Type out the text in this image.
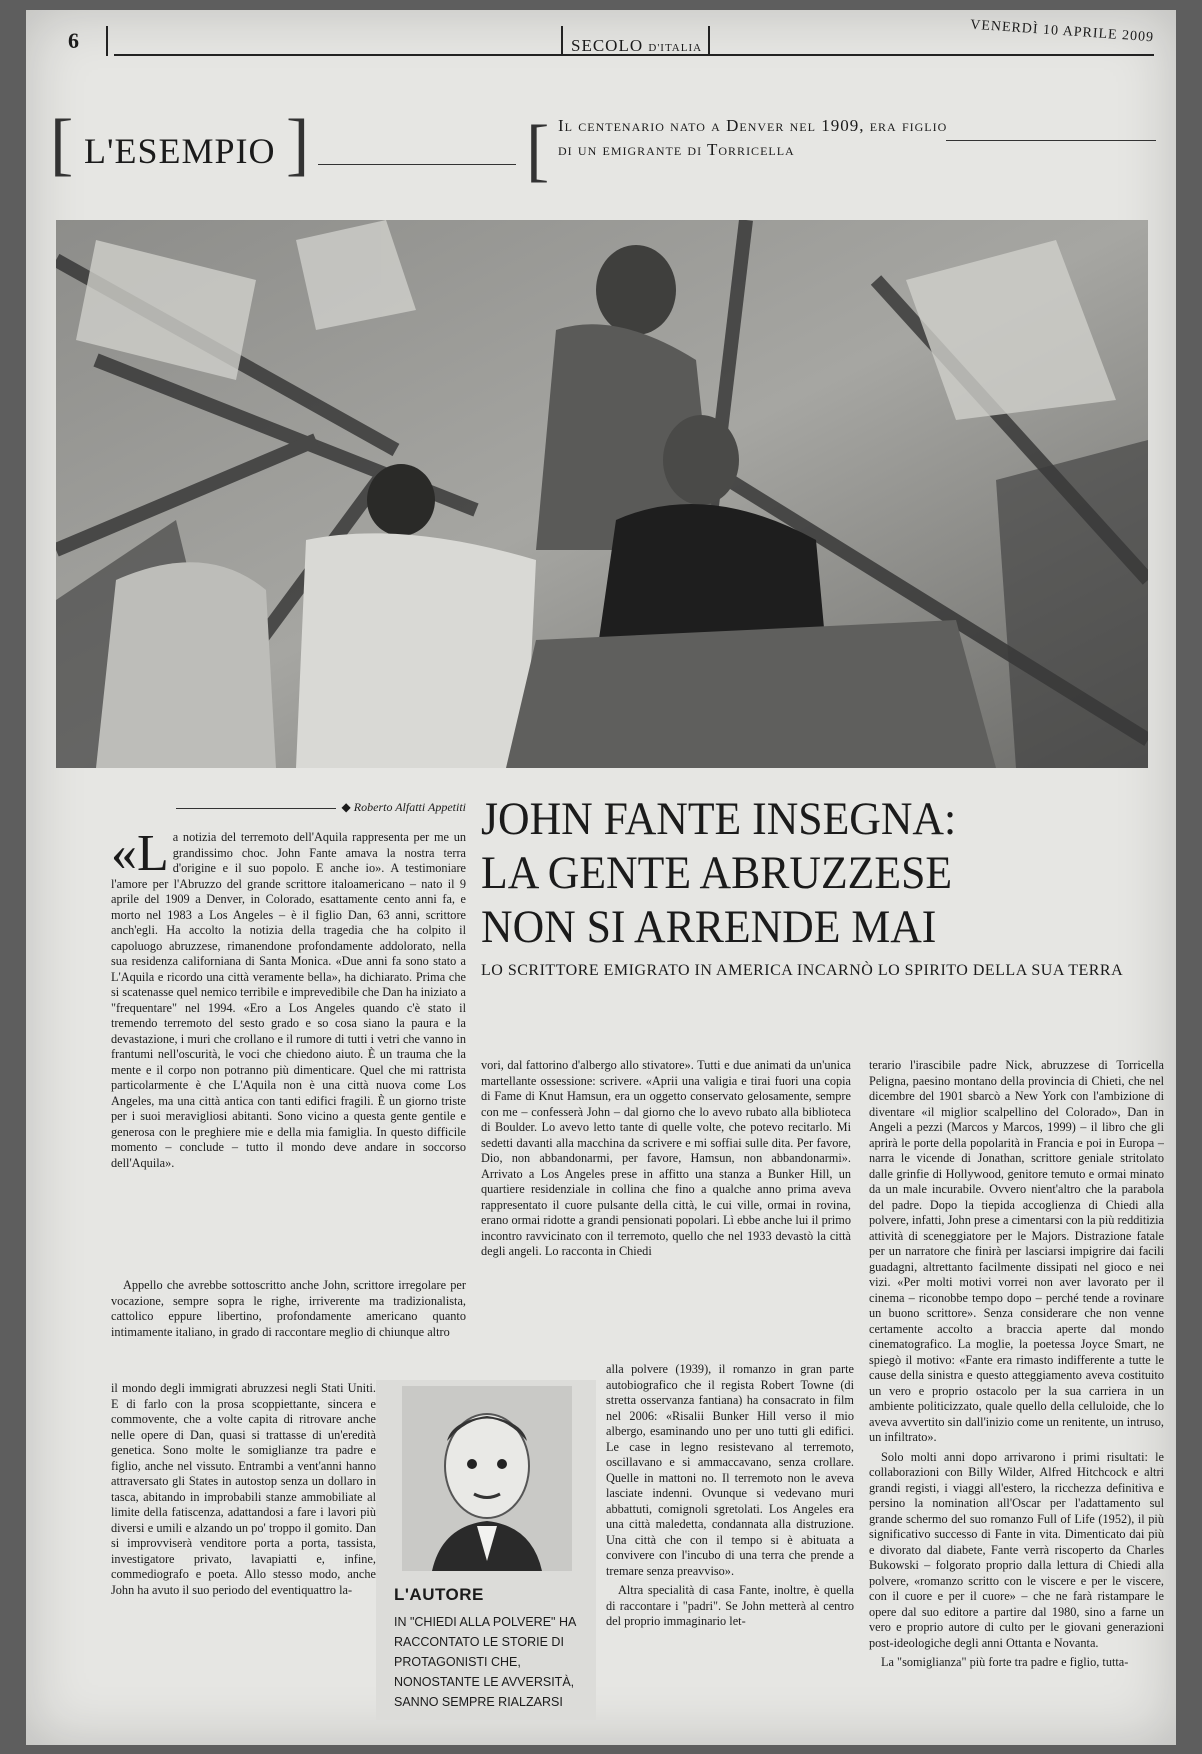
6	SECOLO D'ITALIA
VENERDÌ 10 APRILE 2009
[ L'ESEMPIO ]	[ Il centenario nato a Denver nel 1909, era figlio di un emigrante di Torricella
◆ Roberto Alfatti Appetiti JOHN FANTE INSEGNA:
LA GENTE ABRUZZESE
NON SI ARRENDE MAI
LO SCRITTORE EMIGRATO IN AMERICA INCARNÒ LO SPIRITO DELLA SUA TERRA
«L a notizia del terremoto dell'Aquila rappresenta per me un grandissimo choc. John Fante amava la nostra terra d'origine e il suo popolo. E anche io». A testimoniare l'amore per l'Abruzzo del grande scrittore italoamericano – nato il 9 aprile del 1909 a Denver, in Colorado, esattamente cento anni fa, e morto nel 1983 a Los Angeles – è il figlio Dan, 63 anni, scrittore anch'egli. Ha accolto la notizia della tragedia che ha colpito il capoluogo abruzzese, rimanendone profondamente addolorato, nella sua residenza californiana di Santa Monica. «Due anni fa sono stato a L'Aquila e ricordo una città veramente bella», ha dichiarato. Prima che si scatenasse quel nemico terribile e imprevedibile che Dan ha iniziato a "frequentare" nel 1994. «Ero a Los Angeles quando c'è stato il tremendo terremoto del sesto grado e so cosa siano la paura e la devastazione, i muri che crollano e il rumore di tutti i vetri che vanno in frantumi nell'oscurità, le voci che chiedono aiuto. È un trauma che la mente e il corpo non potranno più dimenticare. Quel che mi rattrista particolarmente è che L'Aquila non è una città nuova come Los Angeles, ma una città antica con tanti edifici fragili. È un giorno triste per i suoi meravigliosi abitanti. Sono vicino a questa gente gentile e generosa con le preghiere mie e della mia famiglia. In questo difficile momento – conclude – tutto il mondo deve andare in soccorso dell'Aquila».

Appello che avrebbe sottoscritto anche John, scrittore irregolare per vocazione, sempre sopra le righe, irriverente ma tradizionalista, cattolico eppure libertino, profondamente americano quanto intimamente italiano, in grado di raccontare meglio di chiunque altro

il mondo degli immigrati abruzzesi negli Stati Uniti. E di farlo con la prosa scoppiettante, sincera e commovente, che a volte capita di ritrovare anche nelle opere di Dan, quasi si trattasse di un'eredità genetica. Sono molte le somiglianze tra padre e figlio, anche nel vissuto. Entrambi a vent'anni hanno attraversato gli States in autostop senza un dollaro in tasca, abitando in improbabili stanze ammobiliate al limite della fatiscenza, adattandosi a fare i lavori più diversi e umili e alzando un po' troppo il gomito. Dan si improvviserà venditore porta a porta, tassista, investigatore privato, lavapiatti e, infine, commediografo e poeta. Allo stesso modo, anche John ha avuto il suo periodo del eventiquattro la-

vori, dal fattorino d'albergo allo stivatore». Tutti e due animati da un'unica martellante ossessione: scrivere. «Aprii una valigia e tirai fuori una copia di Fame di Knut Hamsun, era un oggetto conservato gelosamente, sempre con me – confesserà John – dal giorno che lo avevo rubato alla biblioteca di Boulder. Lo avevo letto tante di quelle volte, che potevo recitarlo. Mi sedetti davanti alla macchina da scrivere e mi soffiai sulle dita. Per favore, Dio, non abbandonarmi, per favore, Hamsun, non abbandonarmi». Arrivato a Los Angeles prese in affitto una stanza a Bunker Hill, un quartiere residenziale in collina che fino a qualche anno prima aveva rappresentato il cuore pulsante della città, le cui ville, ormai in rovina, erano ormai ridotte a grandi pensionati popolari. Lì ebbe anche lui il primo incontro ravvicinato con il terremoto, quello che nel 1933 devastò la città degli angeli. Lo racconta in Chiedi

alla polvere (1939), il romanzo in gran parte autobiografico che il regista Robert Towne (di stretta osservanza fantiana) ha consacrato in film nel 2006: «Risalii Bunker Hill verso il mio albergo, esaminando uno per uno tutti gli edifici. Le case in legno resistevano al terremoto, oscillavano e si ammaccavano, senza crollare. Quelle in mattoni no. Il terremoto non le aveva lasciate indenni. Ovunque si vedevano muri abbattuti, comignoli sgretolati. Los Angeles era una città maledetta, condannata alla distruzione. Una città che con il tempo si è abituata a convivere con l'incubo di una terra che prende a tremare senza preavviso».

Altra specialità di casa Fante, inoltre, è quella di raccontare i "padri". Se John metterà al centro del proprio immaginario let-

terario l'irascibile padre Nick, abruzzese di Torricella Peligna, paesino montano della provincia di Chieti, che nel dicembre del 1901 sbarcò a New York con l'ambizione di diventare «il miglior scalpellino del Colorado», Dan in Angeli a pezzi (Marcos y Marcos, 1999) – il libro che gli aprirà le porte della popolarità in Francia e poi in Europa – narra le vicende di Jonathan, scrittore geniale stritolato dalle grinfie di Hollywood, genitore temuto e ormai minato da un male incurabile. Ovvero nient'altro che la parabola del padre. Dopo la tiepida accoglienza di Chiedi alla polvere, infatti, John prese a cimentarsi con la più redditizia attività di sceneggiatore per le Majors. Distrazione fatale per un narratore che finirà per lasciarsi impigrire dai facili guadagni, altrettanto facilmente dissipati nel gioco e nei vizi. «Per molti motivi vorrei non aver lavorato per il cinema – riconobbe tempo dopo – perché tende a rovinare un buono scrittore». Senza considerare che non venne certamente accolto a braccia aperte dal mondo cinematografico. La moglie, la poetessa Joyce Smart, ne spiegò il motivo: «Fante era rimasto indifferente a tutte le cause della sinistra e questo atteggiamento aveva costituito un vero e proprio ostacolo per la sua carriera in un ambiente politicizzato, quale quello della celluloide, che lo aveva avvertito sin dall'inizio come un renitente, un intruso, un infiltrato».

Solo molti anni dopo arrivarono i primi risultati: le collaborazioni con Billy Wilder, Alfred Hitchcock e altri grandi registi, i viaggi all'estero, la ricchezza definitiva e persino la nomination all'Oscar per l'adattamento sul grande schermo del suo romanzo Full of Life (1952), il più significativo successo di Fante in vita. Dimenticato dai più e divorato dal diabete, Fante verrà riscoperto da Charles Bukowski – folgorato proprio dalla lettura di Chiedi alla polvere, «romanzo scritto con le viscere e per le viscere, con il cuore e per il cuore» – che ne farà ristampare le opere dal suo editore a partire dal 1980, sino a farne un vero e proprio autore di culto per le giovani generazioni post-ideologiche degli anni Ottanta e Novanta.

La "somiglianza" più forte tra padre e figlio, tutta-

L'AUTORE
IN "CHIEDI ALLA POLVERE" HA RACCONTATO LE STORIE DI PROTAGONISTI CHE, NONOSTANTE LE AVVERSITÀ, SANNO SEMPRE RIALZARSI
